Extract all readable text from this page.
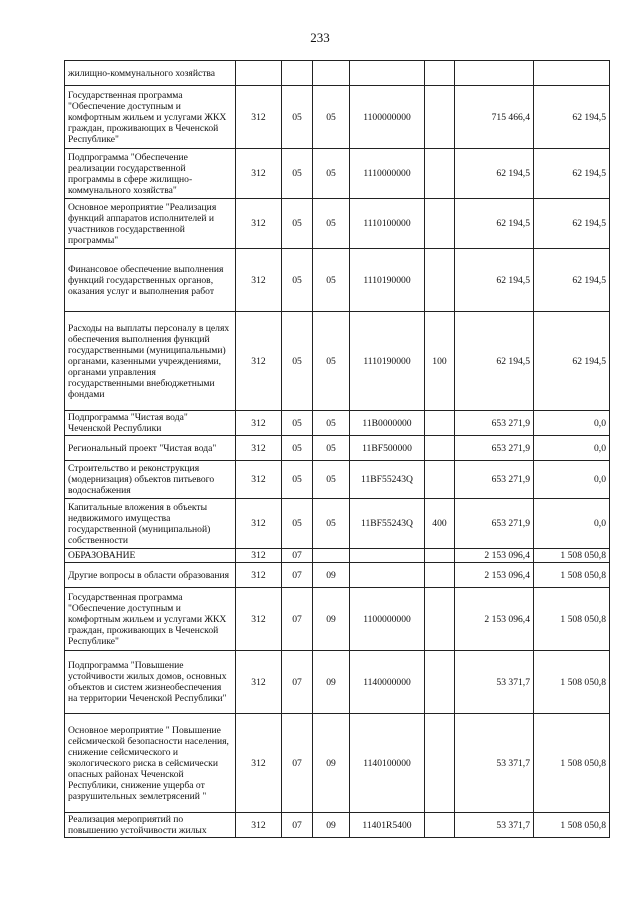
233
жилищно-коммунального хозяйства							
Государственная программа "Обеспечение доступным и комфортным жильем и услугами ЖКХ граждан, проживающих в Чеченской Республике"	312	05	05	1100000000		715 466,4	62 194,5
Подпрограмма "Обеспечение реализации государственной программы в сфере жилищно-коммунального хозяйства"	312	05	05	1110000000		62 194,5	62 194,5
Основное мероприятие "Реализация функций аппаратов исполнителей и участников государственной программы"	312	05	05	1110100000		62 194,5	62 194,5
Финансовое обеспечение выполнения функций государственных органов, оказания услуг и выполнения работ	312	05	05	1110190000		62 194,5	62 194,5
Расходы на выплаты персоналу в целях обеспечения выполнения функций государственными (муниципальными) органами, казенными учреждениями, органами управления государственными внебюджетными фондами	312	05	05	1110190000	100	62 194,5	62 194,5
Подпрограмма "Чистая вода" Чеченской Республики	312	05	05	11B0000000		653 271,9	0,0
Региональный проект "Чистая вода"	312	05	05	11BF500000		653 271,9	0,0
Строительство и реконструкция (модернизация) объектов питьевого водоснабжения	312	05	05	11BF55243Q		653 271,9	0,0
Капитальные вложения в объекты недвижимого имущества государственной (муниципальной) собственности	312	05	05	11BF55243Q	400	653 271,9	0,0
ОБРАЗОВАНИЕ	312	07				2 153 096,4	1 508 050,8
Другие вопросы в области образования	312	07	09			2 153 096,4	1 508 050,8
Государственная программа "Обеспечение доступным и комфортным жильем и услугами ЖКХ граждан, проживающих в Чеченской Республике"	312	07	09	1100000000		2 153 096,4	1 508 050,8
Подпрограмма "Повышение устойчивости жилых домов, основных объектов и систем жизнеобеспечения на территории Чеченской Республики"	312	07	09	1140000000		53 371,7	1 508 050,8
Основное мероприятие " Повышение сейсмической безопасности населения, снижение сейсмического и экологического риска в сейсмически опасных районах Чеченской Республики, снижение ущерба от разрушительных землетрясений "	312	07	09	1140100000		53 371,7	1 508 050,8
Реализация мероприятий по повышению устойчивости жилых	312	07	09	11401R5400		53 371,7	1 508 050,8
